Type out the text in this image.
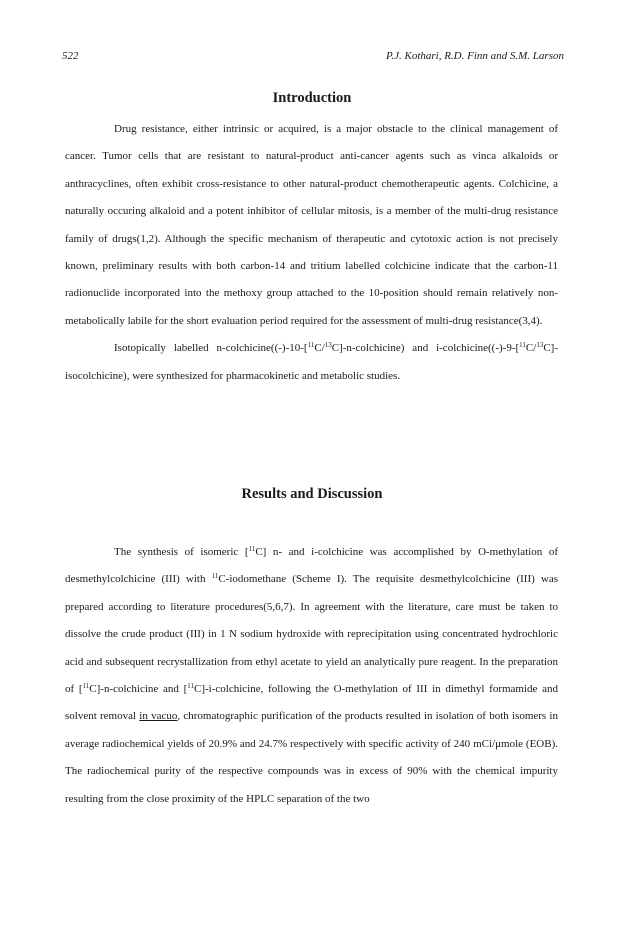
522	P.J. Kothari, R.D. Finn and S.M. Larson
Introduction

Drug resistance, either intrinsic or acquired, is a major obstacle to the clinical management of cancer. Tumor cells that are resistant to natural-product anti-cancer agents such as vinca alkaloids or anthracyclines, often exhibit cross-resistance to other natural-product chemotherapeutic agents. Colchicine, a naturally occuring alkaloid and a potent inhibitor of cellular mitosis, is a member of the multi-drug resistance family of drugs(1,2). Although the specific mechanism of therapeutic and cytotoxic action is not precisely known, preliminary results with both carbon-14 and tritium labelled colchicine indicate that the carbon-11 radionuclide incorporated into the methoxy group attached to the 10-position should remain relatively non-metabolically labile for the short evaluation period required for the assessment of multi-drug resistance(3,4).

Isotopically labelled n-colchicine((-)-10-[$^{11}$C/$^{13}$C]-n-colchicine) and i-colchicine((-)-9-[$^{11}$C/$^{13}$C]-isocolchicine), were synthesized for pharmacokinetic and metabolic studies.

Results and Discussion

The synthesis of isomeric [$^{11}$C] n- and i-colchicine was accomplished by O-methylation of desmethylcolchicine (III) with $^{11}$C-iodomethane (Scheme I). The requisite desmethylcolchicine (III) was prepared according to literature procedures(5,6,7). In agreement with the literature, care must be taken to dissolve the crude product (III) in 1 N sodium hydroxide with reprecipitation using concentrated hydrochloric acid and subsequent recrystallization from ethyl acetate to yield an analytically pure reagent. In the preparation of [$^{11}$C]-n-colchicine and [$^{11}$C]-i-colchicine, following the O-methylation of III in dimethyl formamide and solvent removal in vacuo, chromatographic purification of the products resulted in isolation of both isomers in average radiochemical yields of 20.9% and 24.7% respectively with specific activity of 240 mCi/μmole (EOB). The radiochemical purity of the respective compounds was in excess of 90% with the chemical impurity resulting from the close proximity of the HPLC separation of the two
